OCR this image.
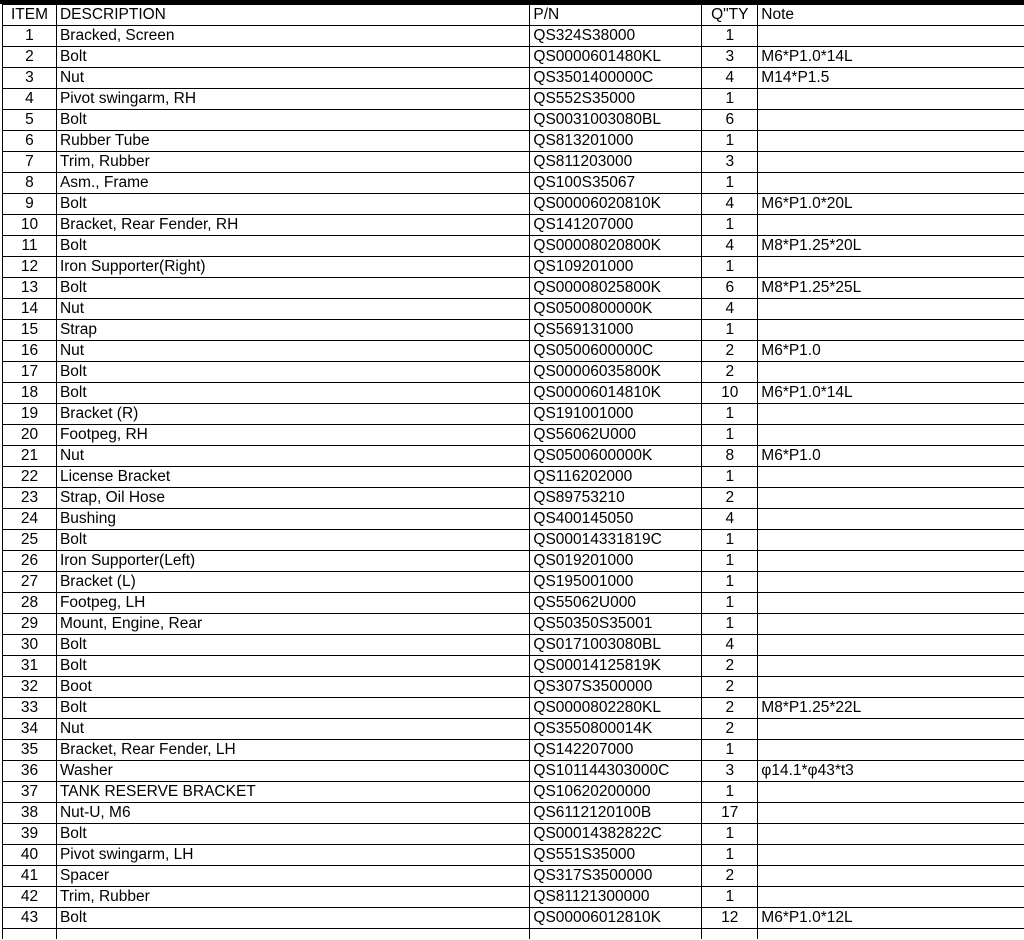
ITEM	DESCRIPTION	P/N	Q"TY	Note
1	Bracked, Screen	QS324S38000	1	
2	Bolt	QS0000601480KL	3	M6*P1.0*14L
3	Nut	QS3501400000C	4	M14*P1.5
4	Pivot swingarm, RH	QS552S35000	1	
5	Bolt	QS0031003080BL	6	
6	Rubber Tube	QS813201000	1	
7	Trim, Rubber	QS811203000	3	
8	Asm., Frame	QS100S35067	1	
9	Bolt	QS00006020810K	4	M6*P1.0*20L
10	Bracket, Rear Fender, RH	QS141207000	1	
11	Bolt	QS00008020800K	4	M8*P1.25*20L
12	Iron Supporter(Right)	QS109201000	1	
13	Bolt	QS00008025800K	6	M8*P1.25*25L
14	Nut	QS0500800000K	4	
15	Strap	QS569131000	1	
16	Nut	QS0500600000C	2	M6*P1.0
17	Bolt	QS00006035800K	2	
18	Bolt	QS00006014810K	10	M6*P1.0*14L
19	Bracket (R)	QS191001000	1	
20	Footpeg, RH	QS56062U000	1	
21	Nut	QS0500600000K	8	M6*P1.0
22	License Bracket	QS116202000	1	
23	Strap, Oil Hose	QS89753210	2	
24	Bushing	QS400145050	4	
25	Bolt	QS00014331819C	1	
26	Iron Supporter(Left)	QS019201000	1	
27	Bracket (L)	QS195001000	1	
28	Footpeg, LH	QS55062U000	1	
29	Mount, Engine, Rear	QS50350S35001	1	
30	Bolt	QS0171003080BL	4	
31	Bolt	QS00014125819K	2	
32	Boot	QS307S3500000	2	
33	Bolt	QS0000802280KL	2	M8*P1.25*22L
34	Nut	QS3550800014K	2	
35	Bracket, Rear Fender, LH	QS142207000	1	
36	Washer	QS101144303000C	3	φ14.1*φ43*t3
37	TANK RESERVE BRACKET	QS10620200000	1	
38	Nut-U, M6	QS6112120100B	17	
39	Bolt	QS00014382822C	1	
40	Pivot swingarm, LH	QS551S35000	1	
41	Spacer	QS317S3500000	2	
42	Trim, Rubber	QS81121300000	1	
43	Bolt	QS00006012810K	12	M6*P1.0*12L
